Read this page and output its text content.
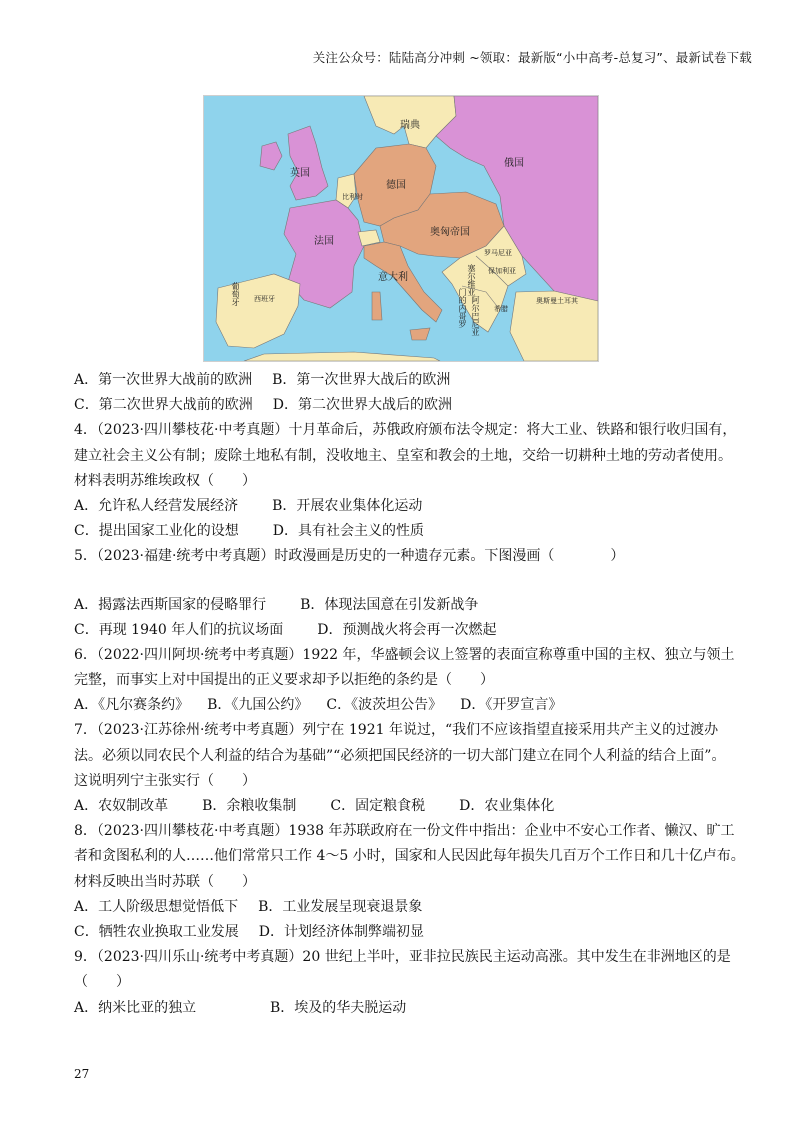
关注公众号：陆陆高分冲刺 ~领取：最新版“小中高考-总复习”、最新试卷下载
瑞典
英国
俄国
德国
比利时
法国
奥匈帝国
罗马尼亚
塞尔维亚 保加利亚
意大利
葡萄牙 西班牙	门的内哥罗 阿尔巴尼亚 希腊
奥斯曼土耳其
A．第一次世界大战前的欧洲 B．第一次世界大战后的欧洲
C．第二次世界大战前的欧洲 D．第二次世界大战后的欧洲
4．（2023·四川攀枝花·中考真题）十月革命后，苏俄政府颁布法令规定：将大工业、铁路和银行收归国有，
建立社会主义公有制；废除土地私有制，没收地主、皇室和教会的土地，交给一切耕种土地的劳动者使用。
材料表明苏维埃政权（　　）
A．允许私人经营发展经济 B．开展农业集体化运动
C．提出国家工业化的设想 D．具有社会主义的性质
5．（2023·福建·统考中考真题）时政漫画是历史的一种遗存元素。下图漫画（　　　　）
A．揭露法西斯国家的侵略罪行 B．体现法国意在引发新战争
C．再现 1940 年人们的抗议场面 D．预测战火将会再一次燃起
6．（2022·四川阿坝·统考中考真题）1922 年，华盛顿会议上签署的表面宣称尊重中国的主权、独立与领土
完整，而事实上对中国提出的正义要求却予以拒绝的条约是（　　）
A．《凡尔赛条约》 B．《九国公约》 C．《波茨坦公告》 D．《开罗宣言》
7．（2023·江苏徐州·统考中考真题）列宁在 1921 年说过，“我们不应该指望直接采用共产主义的过渡办
法。必须以同农民个人利益的结合为基础”“必须把国民经济的一切大部门建立在同个人利益的结合上面”。
这说明列宁主张实行（　　）
A．农奴制改革 B．余粮收集制 C．固定粮食税 D．农业集体化
8．（2023·四川攀枝花·中考真题）1938 年苏联政府在一份文件中指出：企业中不安心工作者、懒汉、旷工
者和贪图私利的人……他们常常只工作 4～5 小时，国家和人民因此每年损失几百万个工作日和几十亿卢布。
材料反映出当时苏联（　　）
A．工人阶级思想觉悟低下 B．工业发展呈现衰退景象
C．牺牲农业换取工业发展 D．计划经济体制弊端初显
9．（2023·四川乐山·统考中考真题）20 世纪上半叶，亚非拉民族民主运动高涨。其中发生在非洲地区的是
（　　）
A．纳米比亚的独立	B．埃及的华夫脱运动
27
